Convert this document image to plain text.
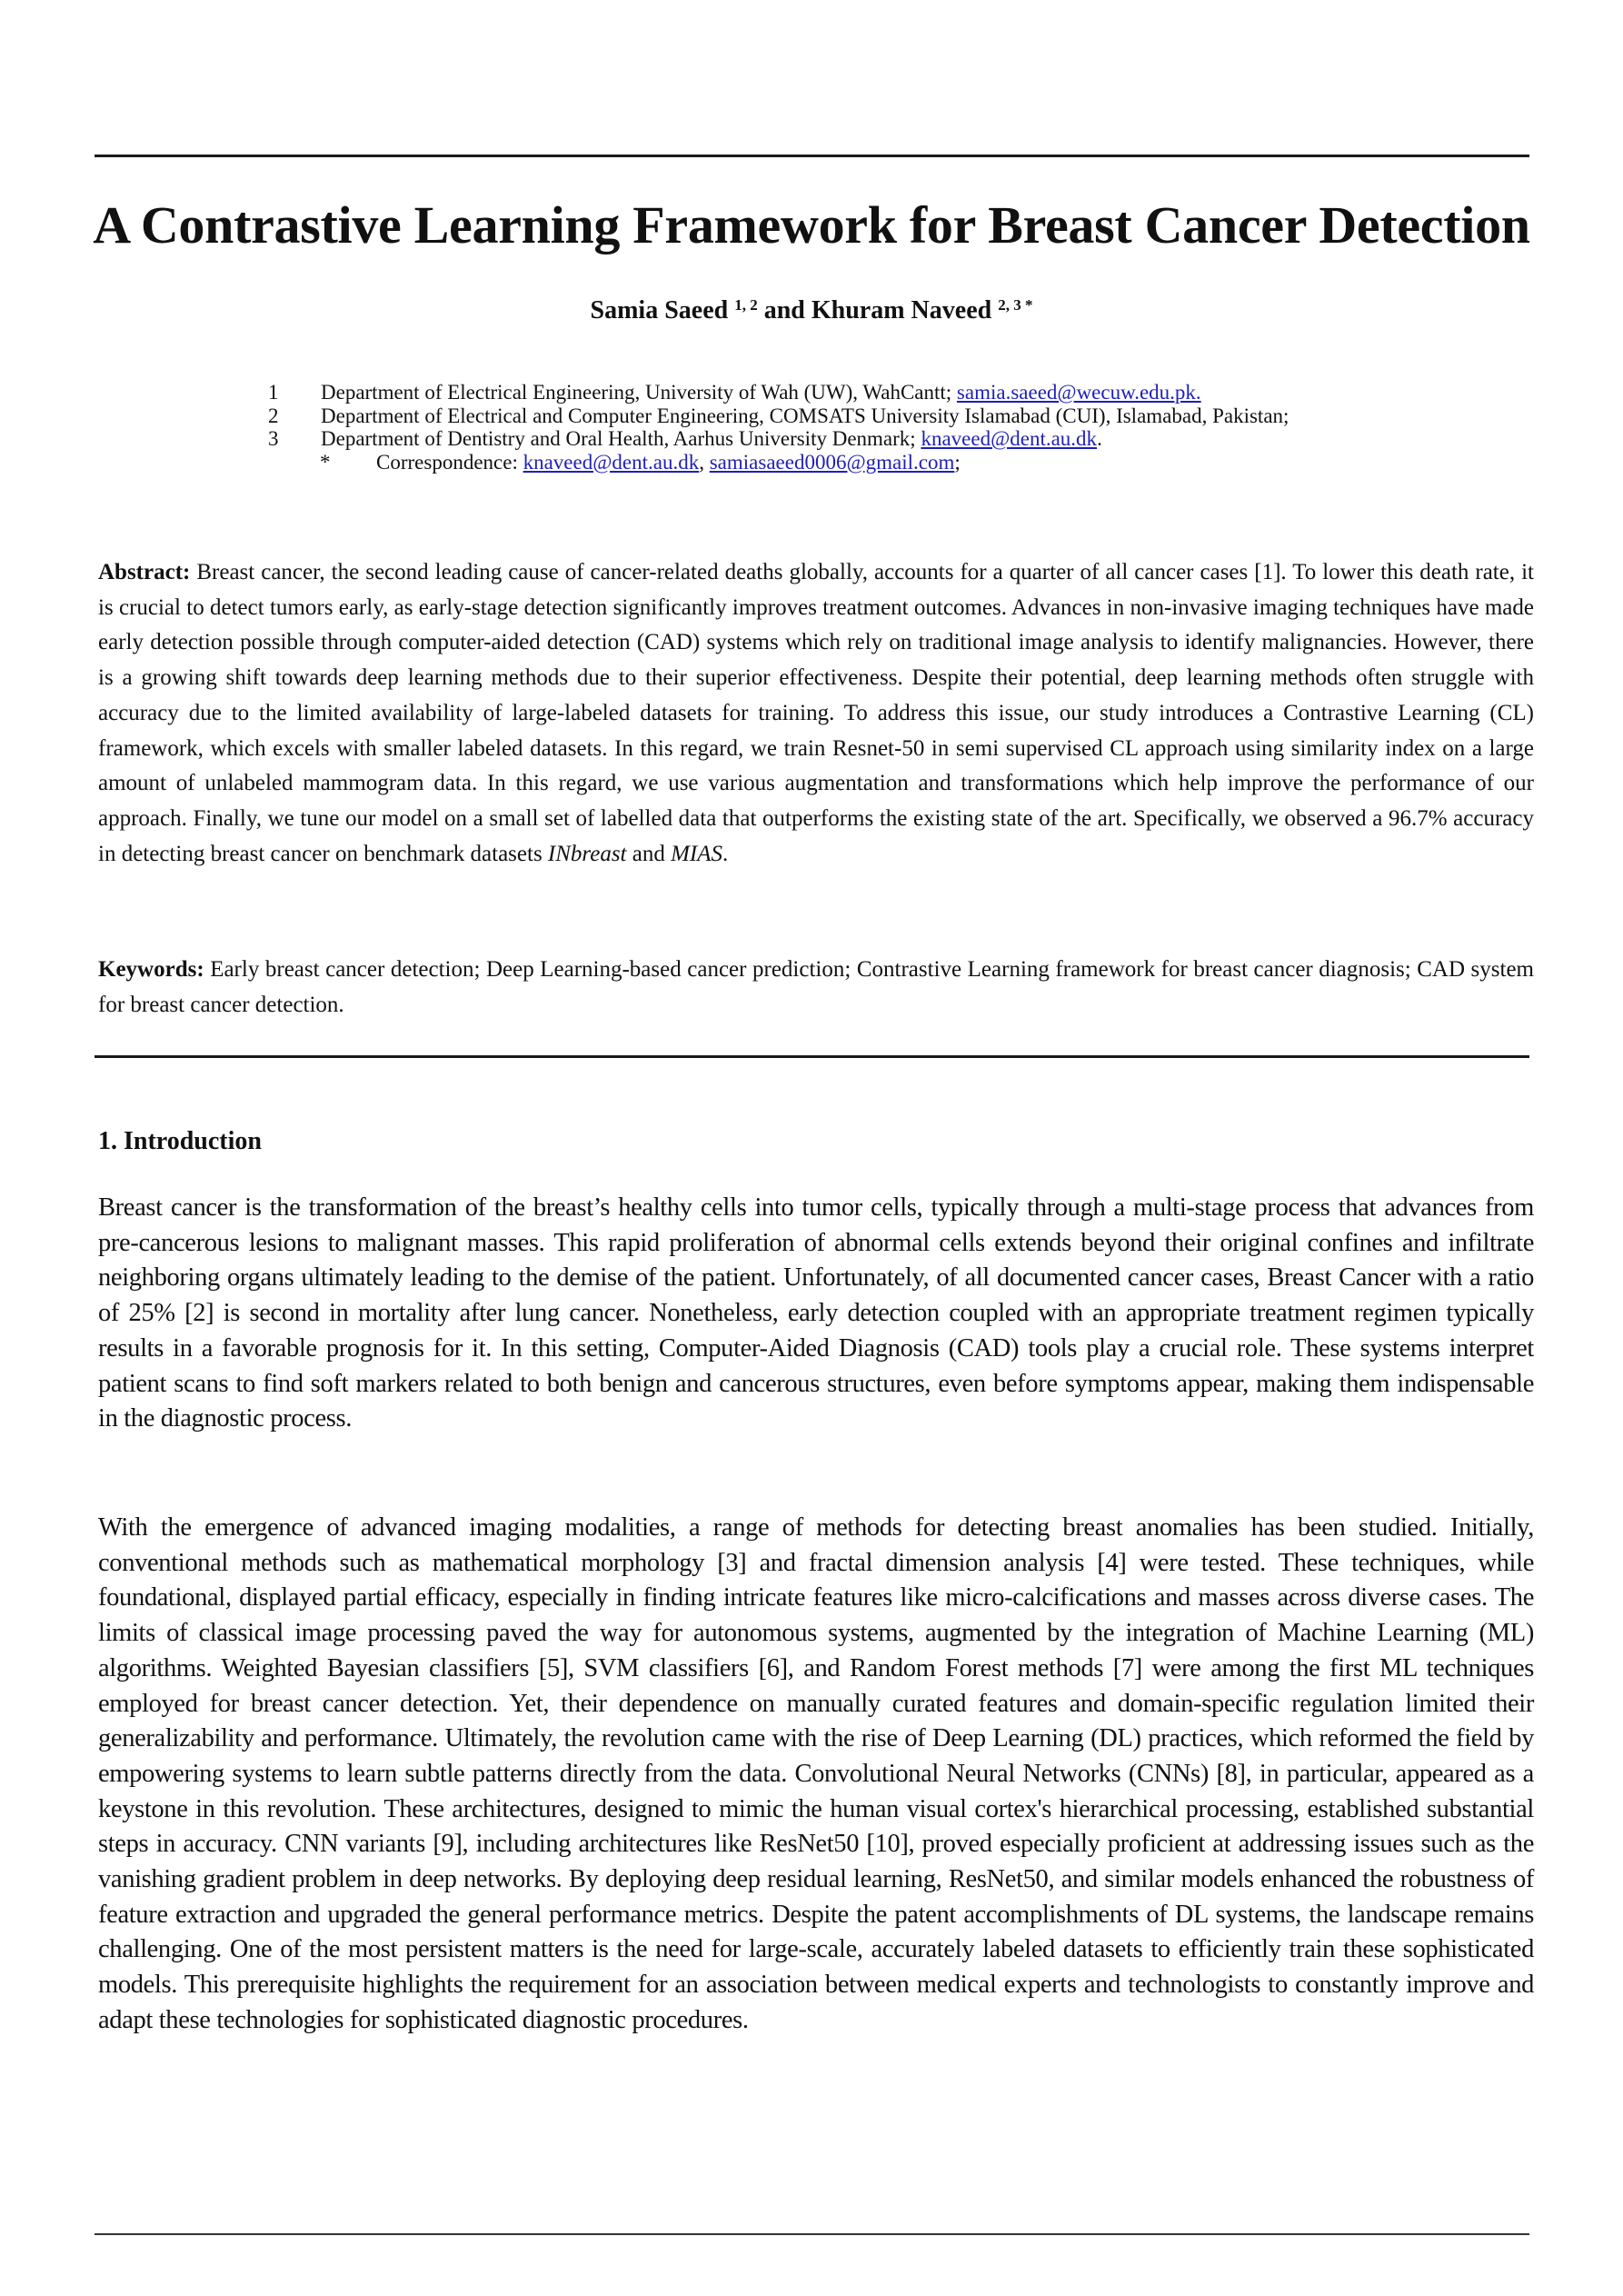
A Contrastive Learning Framework for Breast Cancer Detection
Samia Saeed $^{1, 2}$ and Khuram Naveed $^{2, 3 *}$
1	Department of Electrical Engineering, University of Wah (UW), WahCantt; samia.saeed@wecuw.edu.pk.
2	Department of Electrical and Computer Engineering, COMSATS University Islamabad (CUI), Islamabad, Pakistan;
3	Department of Dentistry and Oral Health, Aarhus University Denmark; knaveed@dent.au.dk.
*	Correspondence: knaveed@dent.au.dk, samiasaeed0006@gmail.com;
Abstract: Breast cancer, the second leading cause of cancer-related deaths globally, accounts for a quarter of all cancer cases [1]. To lower this death rate, it is crucial to detect tumors early, as early-stage detection significantly improves treatment outcomes. Advances in non-invasive imaging techniques have made early detection possible through computer-aided detection (CAD) systems which rely on traditional image analysis to identify malignancies. However, there is a growing shift towards deep learning methods due to their superior effectiveness. Despite their potential, deep learning methods often struggle with accuracy due to the limited availability of large-labeled datasets for training. To address this issue, our study introduces a Contrastive Learning (CL) framework, which excels with smaller labeled datasets. In this regard, we train Resnet-50 in semi supervised CL approach using similarity index on a large amount of unlabeled mammogram data. In this regard, we use various augmentation and transformations which help improve the performance of our approach. Finally, we tune our model on a small set of labelled data that outperforms the existing state of the art. Specifically, we observed a 96.7% accuracy in detecting breast cancer on benchmark datasets INbreast and MIAS.
Keywords: Early breast cancer detection; Deep Learning-based cancer prediction; Contrastive Learning framework for breast cancer diagnosis; CAD system for breast cancer detection.
1. Introduction

Breast cancer is the transformation of the breast’s healthy cells into tumor cells, typically through a multi-stage process that advances from pre-cancerous lesions to malignant masses. This rapid proliferation of abnormal cells extends beyond their original confines and infiltrate neighboring organs ultimately leading to the demise of the patient. Unfortunately, of all documented cancer cases, Breast Cancer with a ratio of 25% [2] is second in mortality after lung cancer. Nonetheless, early detection coupled with an appropriate treatment regimen typically results in a favorable prognosis for it. In this setting, Computer-Aided Diagnosis (CAD) tools play a crucial role. These systems interpret patient scans to find soft markers related to both benign and cancerous structures, even before symptoms appear, making them indispensable in the diagnostic process.

With the emergence of advanced imaging modalities, a range of methods for detecting breast anomalies has been studied. Initially, conventional methods such as mathematical morphology [3] and fractal dimension analysis [4] were tested. These techniques, while foundational, displayed partial efficacy, especially in finding intricate features like micro-calcifications and masses across diverse cases. The limits of classical image processing paved the way for autonomous systems, augmented by the integration of Machine Learning (ML) algorithms. Weighted Bayesian classifiers [5], SVM classifiers [6], and Random Forest methods [7] were among the first ML techniques employed for breast cancer detection. Yet, their dependence on manually curated features and domain-specific regulation limited their generalizability and performance. Ultimately, the revolution came with the rise of Deep Learning (DL) practices, which reformed the field by empowering systems to learn subtle patterns directly from the data. Convolutional Neural Networks (CNNs) [8], in particular, appeared as a keystone in this revolution. These architectures, designed to mimic the human visual cortex's hierarchical processing, established substantial steps in accuracy. CNN variants [9], including architectures like ResNet50 [10], proved especially proficient at addressing issues such as the vanishing gradient problem in deep networks. By deploying deep residual learning, ResNet50, and similar models enhanced the robustness of feature extraction and upgraded the general performance metrics. Despite the patent accomplishments of DL systems, the landscape remains challenging. One of the most persistent matters is the need for large-scale, accurately labeled datasets to efficiently train these sophisticated models. This prerequisite highlights the requirement for an association between medical experts and technologists to constantly improve and adapt these technologies for sophisticated diagnostic procedures.
